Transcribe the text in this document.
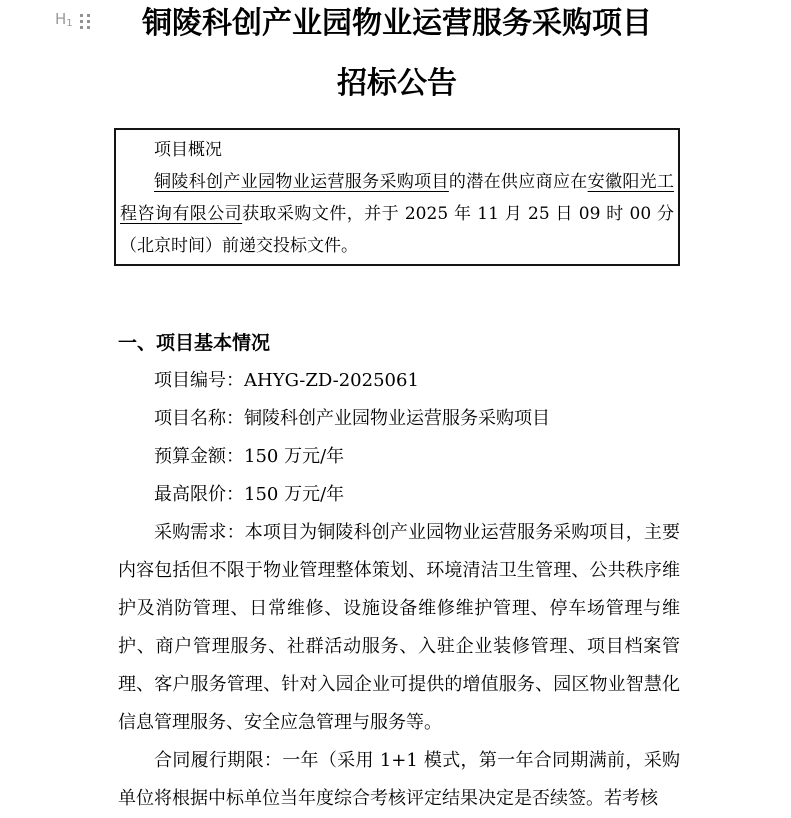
$H_1$	铜陵科创产业园物业运营服务采购项目
招标公告

项目概况

铜陵科创产业园物业运营服务采购项目的潜在供应商应在安徽阳光工程咨询有限公司获取采购文件，并于 2025 年 11 月 25 日 09 时 00 分（北京时间）前递交投标文件。

一、项目基本情况
项目编号：AHYG-ZD-2025061
项目名称：铜陵科创产业园物业运营服务采购项目
预算金额：150 万元/年
最高限价：150 万元/年

采购需求：本项目为铜陵科创产业园物业运营服务采购项目，主要内容包括但不限于物业管理整体策划、环境清洁卫生管理、公共秩序维护及消防管理、日常维修、设施设备维修维护管理、停车场管理与维护、商户管理服务、社群活动服务、入驻企业装修管理、项目档案管理、客户服务管理、针对入园企业可提供的增值服务、园区物业智慧化信息管理服务、安全应急管理与服务等。

合同履行期限：一年（采用 1+1 模式，第一年合同期满前，采购单位将根据中标单位当年度综合考核评定结果决定是否续签。若考核
